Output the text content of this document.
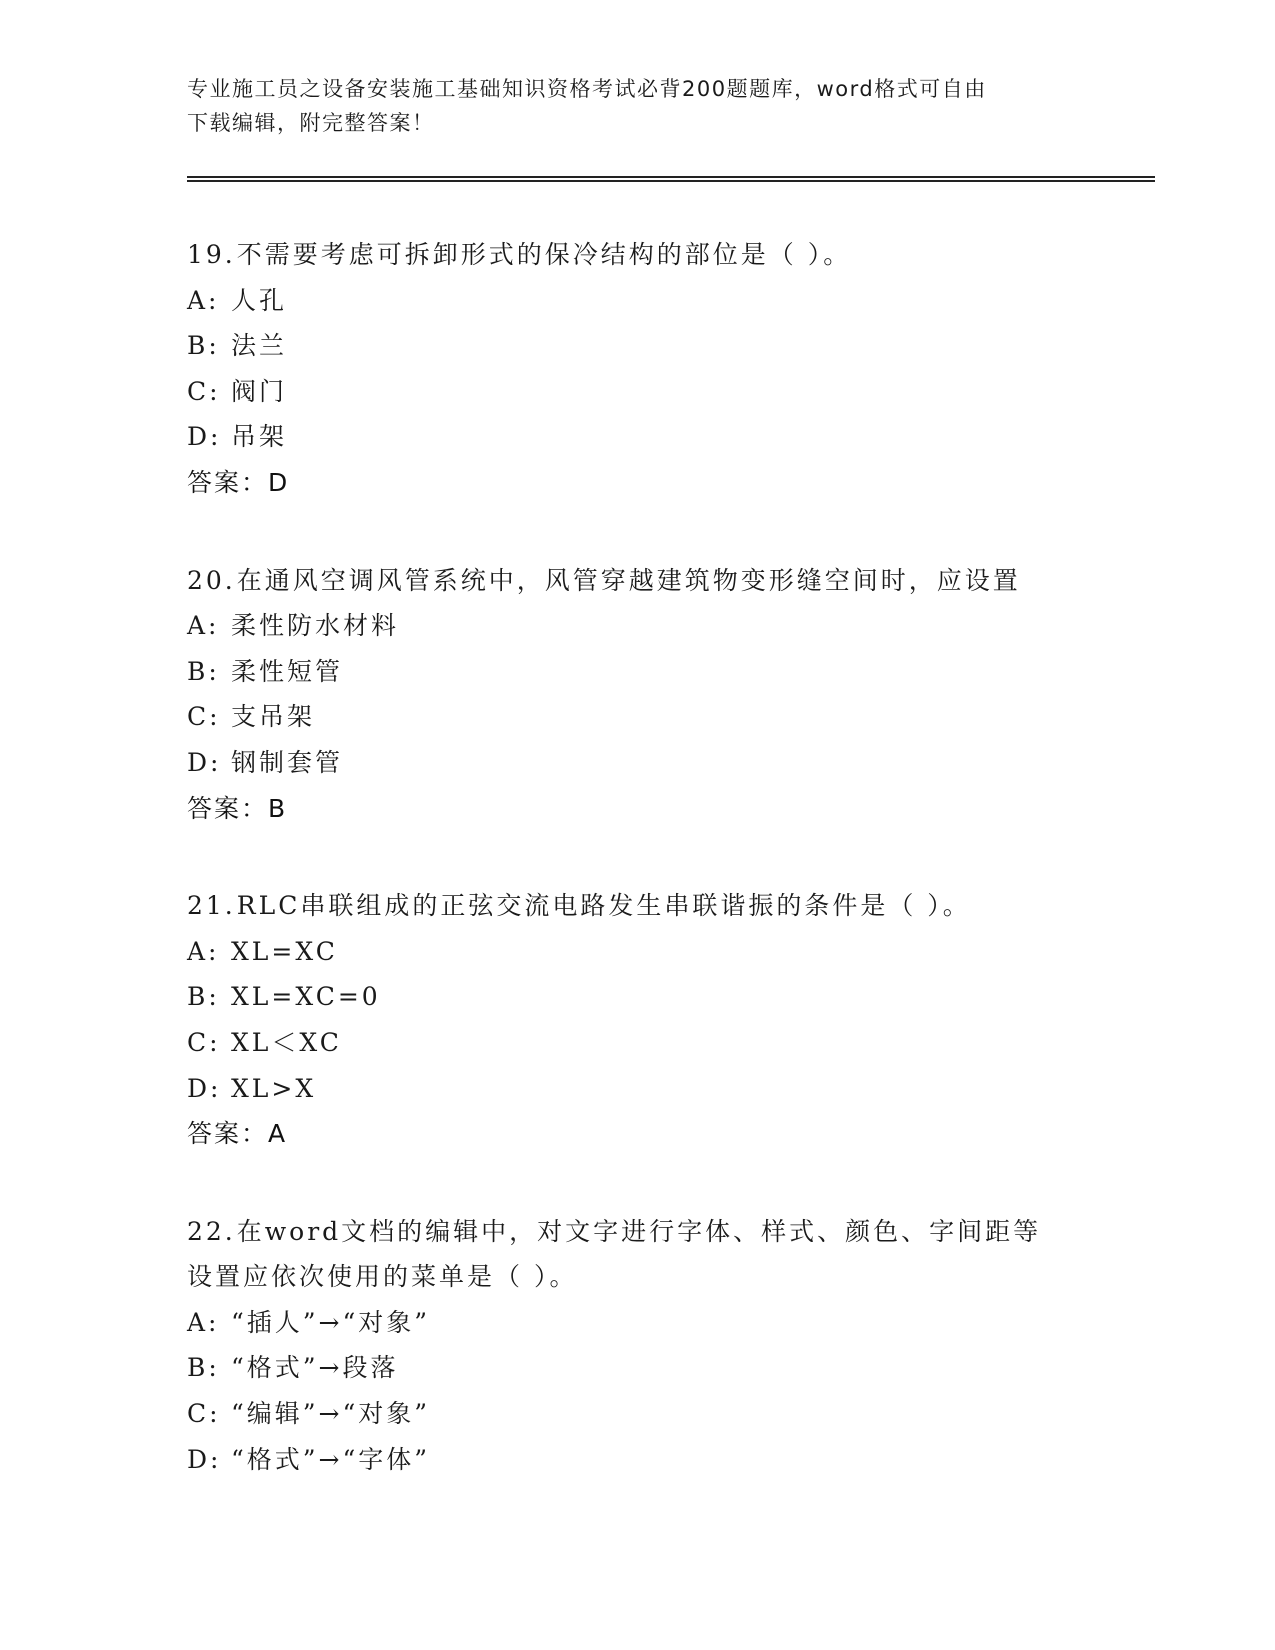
专业施工员之设备安装施工基础知识资格考试必背200题题库，word格式可自由
下载编辑，附完整答案！
19.不需要考虑可拆卸形式的保冷结构的部位是（ ）。
A: 人孔
B: 法兰
C: 阀门
D: 吊架
答案：D
20.在通风空调风管系统中，风管穿越建筑物变形缝空间时，应设置
A: 柔性防水材料
B: 柔性短管
C: 支吊架
D: 钢制套管
答案：B
21.RLC串联组成的正弦交流电路发生串联谐振的条件是（ ）。
A: XL=XC
B: XL=XC=0
C: XL＜XC
D: XL>X
答案：A
22.在word文档的编辑中，对文字进行字体、样式、颜色、字间距等
设置应依次使用的菜单是（ ）。
A: “插人”→“对象”
B: “格式”→段落
C: “编辑”→“对象”
D: “格式”→“字体”
